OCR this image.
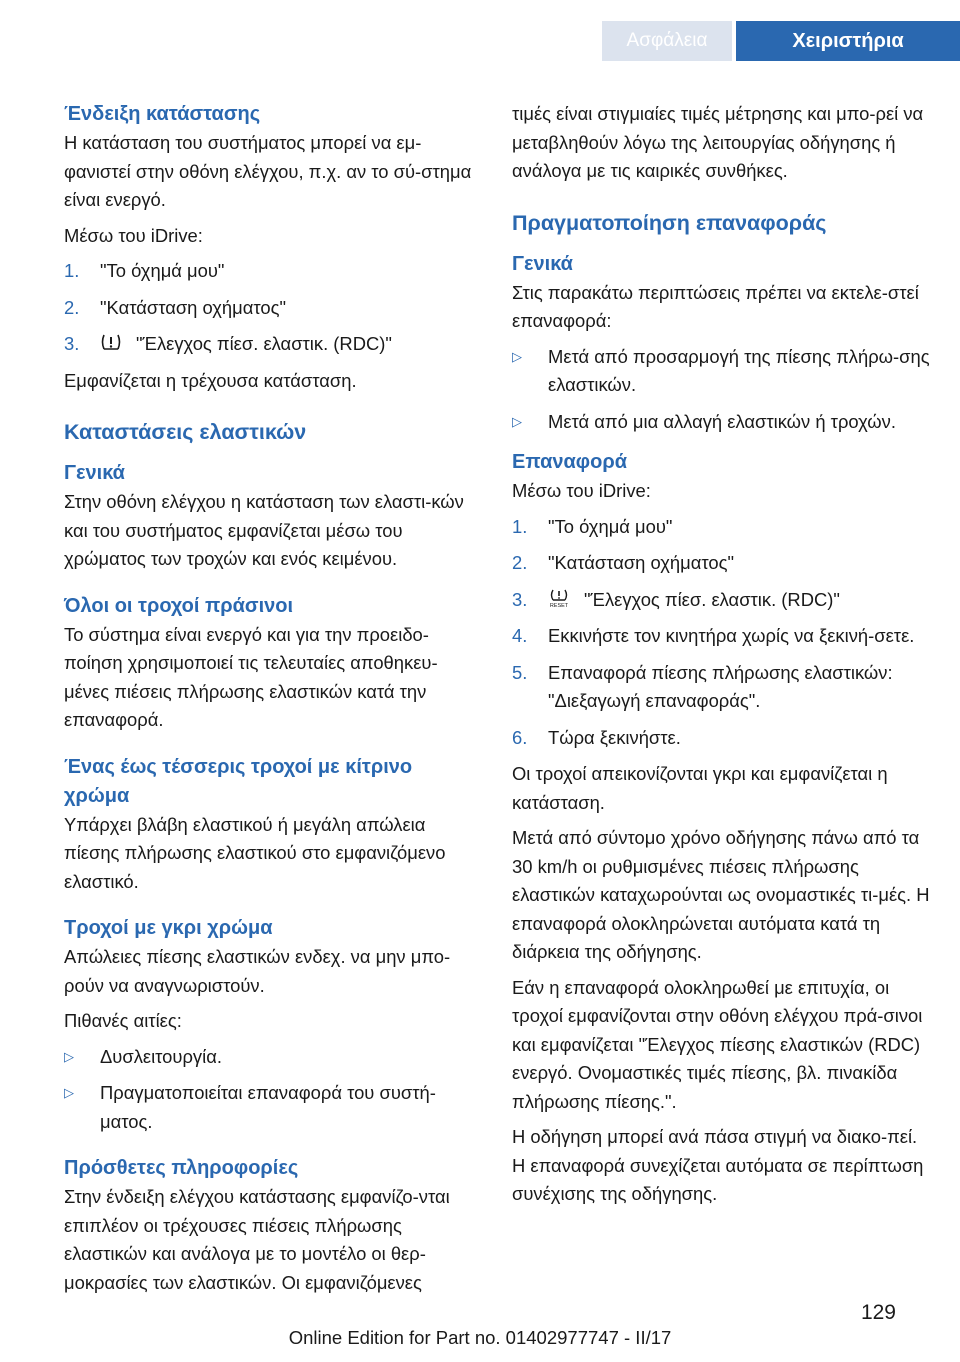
Ασφάλεια	Χειριστήρια
Ένδειξη κατάστασης

Η κατάσταση του συστήματος μπορεί να εμ‐φανιστεί στην οθόνη ελέγχου, π.χ. αν το σύ‐στημα είναι ενεργό.

Μέσω του iDrive:

1.	"Το όχημά μου"
2.	"Κατάσταση οχήματος"
3.	"Έλεγχος πίεσ. ελαστικ. (RDC)"

Εμφανίζεται η τρέχουσα κατάσταση.

Καταστάσεις ελαστικών
Γενικά

Στην οθόνη ελέγχου η κατάσταση των ελαστι‐κών και του συστήματος εμφανίζεται μέσω του χρώματος των τροχών και ενός κειμένου.

Όλοι οι τροχοί πράσινοι

Το σύστημα είναι ενεργό και για την προειδο‐ποίηση χρησιμοποιεί τις τελευταίες αποθηκευ‐μένες πιέσεις πλήρωσης ελαστικών κατά την επαναφορά.

Ένας έως τέσσερις τροχοί με κίτρινο χρώμα

Υπάρχει βλάβη ελαστικού ή μεγάλη απώλεια πίεσης πλήρωσης ελαστικού στο εμφανιζόμενο ελαστικό.

Τροχοί με γκρι χρώμα

Απώλειες πίεσης ελαστικών ενδεχ. να μην μπο‐ρούν να αναγνωριστούν.

Πιθανές αιτίες:

▷	Δυσλειτουργία.
▷	Πραγματοποιείται επαναφορά του συστή‐ματος.
Πρόσθετες πληροφορίες

Στην ένδειξη ελέγχου κατάστασης εμφανίζο‐νται επιπλέον οι τρέχουσες πιέσεις πλήρωσης ελαστικών και ανάλογα με το μοντέλο οι θερ‐μοκρασίες των ελαστικών. Οι εμφανιζόμενες

τιμές είναι στιγμιαίες τιμές μέτρησης και μπο‐ρεί να μεταβληθούν λόγω της λειτουργίας οδήγησης ή ανάλογα με τις καιρικές συνθήκες.

Πραγματοποίηση επαναφοράς
Γενικά

Στις παρακάτω περιπτώσεις πρέπει να εκτελε‐στεί επαναφορά:

▷	Μετά από προσαρμογή της πίεσης πλήρω‐σης ελαστικών.
▷	Μετά από μια αλλαγή ελαστικών ή τροχών.
Επαναφορά

Μέσω του iDrive:

1.	"Το όχημά μου"
2.	"Κατάσταση οχήματος"
3.	RESET "Έλεγχος πίεσ. ελαστικ. (RDC)"
4.	Εκκινήστε τον κινητήρα χωρίς να ξεκινή‐σετε.
5.	Επαναφορά πίεσης πλήρωσης ελαστικών: "Διεξαγωγή επαναφοράς".
6.	Τώρα ξεκινήστε.

Οι τροχοί απεικονίζονται γκρι και εμφανίζεται η κατάσταση.

Μετά από σύντομο χρόνο οδήγησης πάνω από τα 30 km/h οι ρυθμισμένες πιέσεις πλήρωσης ελαστικών καταχωρούνται ως ονομαστικές τι‐μές. Η επαναφορά ολοκληρώνεται αυτόματα κατά τη διάρκεια της οδήγησης.

Εάν η επαναφορά ολοκληρωθεί με επιτυχία, οι τροχοί εμφανίζονται στην οθόνη ελέγχου πρά‐σινοι και εμφανίζεται "Έλεγχος πίεσης ελαστικών (RDC) ενεργό. Ονομαστικές τιμές πίεσης, βλ. πινακίδα πλήρωσης πίεσης.".

Η οδήγηση μπορεί ανά πάσα στιγμή να διακο‐πεί. Η επαναφορά συνεχίζεται αυτόματα σε περίπτωση συνέχισης της οδήγησης.

129
Online Edition for Part no. 01402977747 - II/17
